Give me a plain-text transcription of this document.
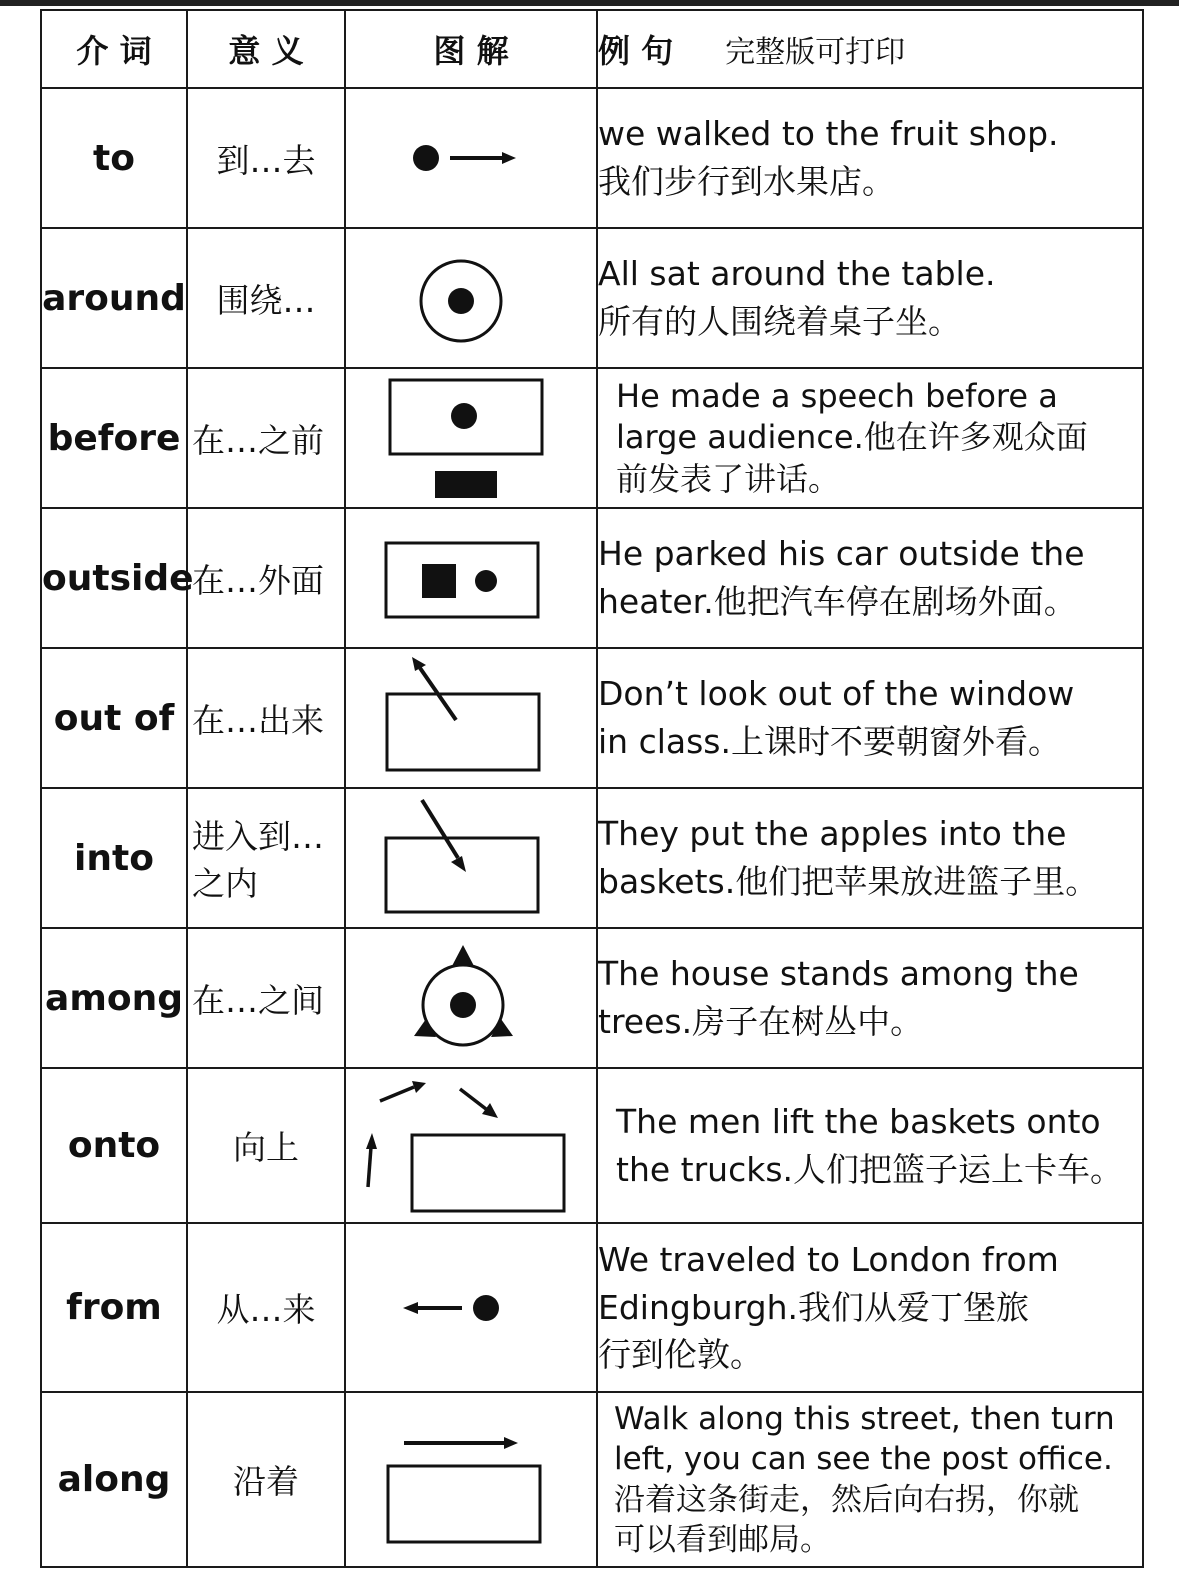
介 词	意 义	图 解	例 句 完整版可打印
to	到…去		we walked to the fruit shop.
我们步行到水果店。

around	围绕…		All sat around the table.
所有的人围绕着桌子坐。

before	在…之前		He made a speech before a
large audience.他在许多观众面
前发表了讲话。

outside	在…外面		He parked his car outside the
heater.他把汽车停在剧场外面。

out of	在…出来		Don’t look out of the window
in class.上课时不要朝窗外看。

into	进入到… 之内		They put the apples into the
baskets.他们把苹果放进篮子里。

among	在…之间		The house stands among the
trees.房子在树丛中。

onto	向上		The men lift the baskets onto
the trucks.人们把篮子运上卡车。

from	从…来		We traveled to London from
Edingburgh.我们从爱丁堡旅
行到伦敦。

along	沿着		Walk along this street, then turn
left, you can see the post office.
沿着这条街走，然后向右拐，你就
可以看到邮局。
